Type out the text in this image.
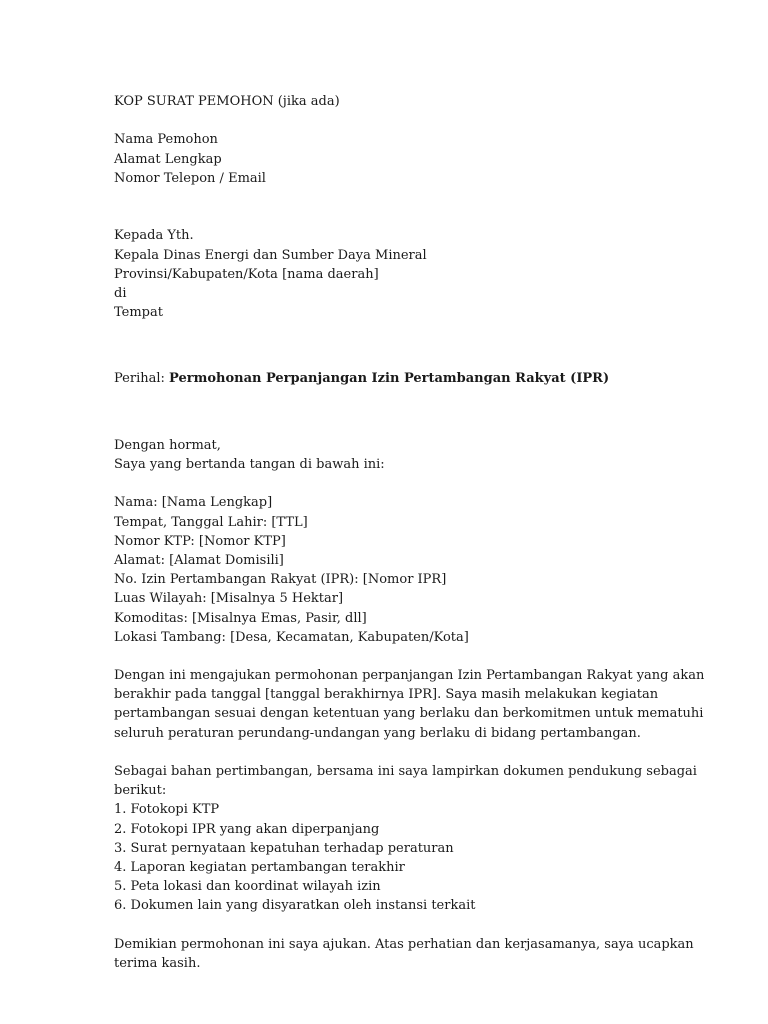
KOP SURAT PEMOHON (jika ada)
Nama Pemohon
Alamat Lengkap
Nomor Telepon / Email
Kepada Yth.
Kepala Dinas Energi dan Sumber Daya Mineral
Provinsi/Kabupaten/Kota [nama daerah]
di
Tempat
Perihal: Permohonan Perpanjangan Izin Pertambangan Rakyat (IPR)
Dengan hormat,
Saya yang bertanda tangan di bawah ini:
Nama: [Nama Lengkap]
Tempat, Tanggal Lahir: [TTL]
Nomor KTP: [Nomor KTP]
Alamat: [Alamat Domisili]
No. Izin Pertambangan Rakyat (IPR): [Nomor IPR]
Luas Wilayah: [Misalnya 5 Hektar]
Komoditas: [Misalnya Emas, Pasir, dll]
Lokasi Tambang: [Desa, Kecamatan, Kabupaten/Kota]
Dengan ini mengajukan permohonan perpanjangan Izin Pertambangan Rakyat yang akan
berakhir pada tanggal [tanggal berakhirnya IPR]. Saya masih melakukan kegiatan
pertambangan sesuai dengan ketentuan yang berlaku dan berkomitmen untuk mematuhi
seluruh peraturan perundang-undangan yang berlaku di bidang pertambangan.
Sebagai bahan pertimbangan, bersama ini saya lampirkan dokumen pendukung sebagai
berikut:
1. Fotokopi KTP
2. Fotokopi IPR yang akan diperpanjang
3. Surat pernyataan kepatuhan terhadap peraturan
4. Laporan kegiatan pertambangan terakhir
5. Peta lokasi dan koordinat wilayah izin
6. Dokumen lain yang disyaratkan oleh instansi terkait
Demikian permohonan ini saya ajukan. Atas perhatian dan kerjasamanya, saya ucapkan
terima kasih.
